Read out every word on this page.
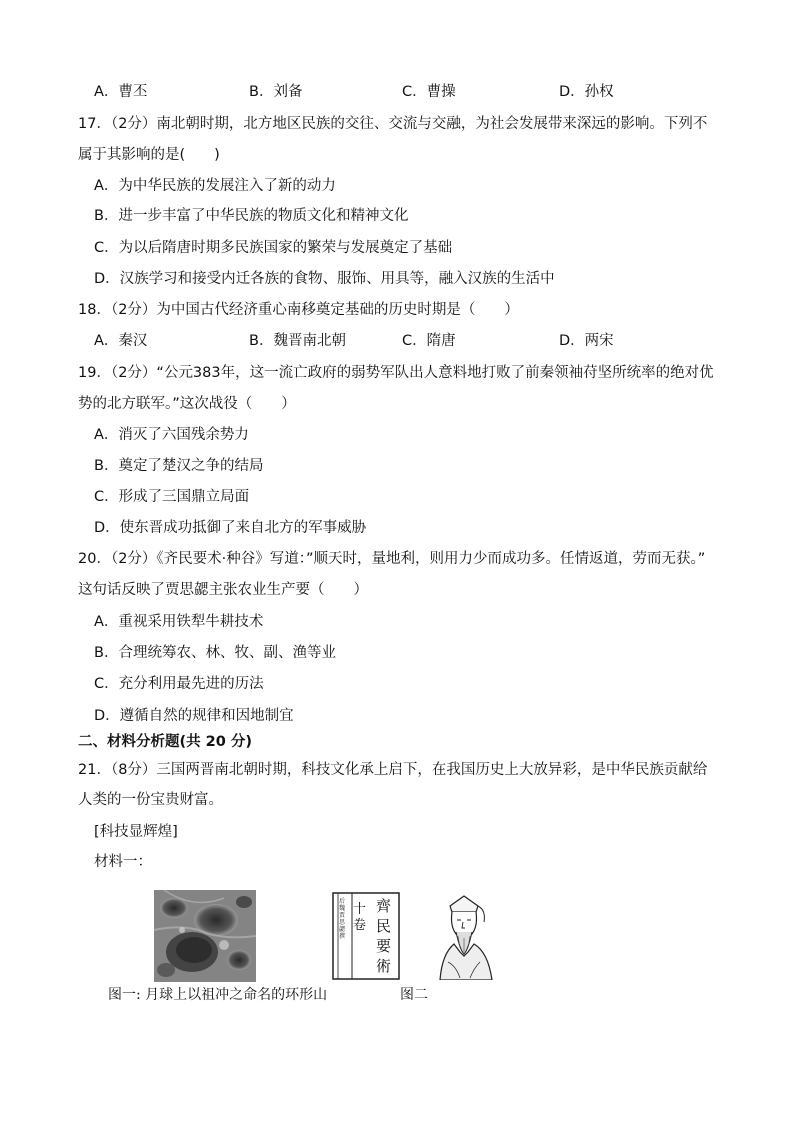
A．曹丕	B．刘备	C．曹操	D．孙权
17．（2分）南北朝时期，北方地区民族的交往、交流与交融，为社会发展带来深远的影响。下列不
属于其影响的是(　　)
A．为中华民族的发展注入了新的动力
B．进一步丰富了中华民族的物质文化和精神文化
C．为以后隋唐时期多民族国家的繁荣与发展奠定了基础
D．汉族学习和接受内迁各族的食物、服饰、用具等，融入汉族的生活中
18．（2分）为中国古代经济重心南移奠定基础的历史时期是（　　）
A．秦汉	B．魏晋南北朝	C．隋唐	D．两宋
19．（2分）“公元383年，这一流亡政府的弱势军队出人意料地打败了前秦领袖苻坚所统率的绝对优
势的北方联军。”这次战役（　　）
A．消灭了六国残余势力
B．奠定了楚汉之争的结局
C．形成了三国鼎立局面
D．使东晋成功抵御了来自北方的军事威胁
20．（2分）《齐民要术·种谷》写道：”顺天时，量地利，则用力少而成功多。任情返道，劳而无获。”
这句话反映了贾思勰主张农业生产要（　　）
A．重视采用铁犁牛耕技术
B．合理统筹农、林、牧、副、渔等业
C．充分利用最先进的历法
D．遵循自然的规律和因地制宜
二、材料分析题(共 20 分)
21．（8分）三国两晋南北朝时期，科技文化承上启下，在我国历史上大放异彩，是中华民族贡献给
人类的一份宝贵财富。
[科技显辉煌]
材料一：
后魏贾思勰撰
十卷
齊民要術
图一: 月球上以祖冲之命名的环形山	图二
